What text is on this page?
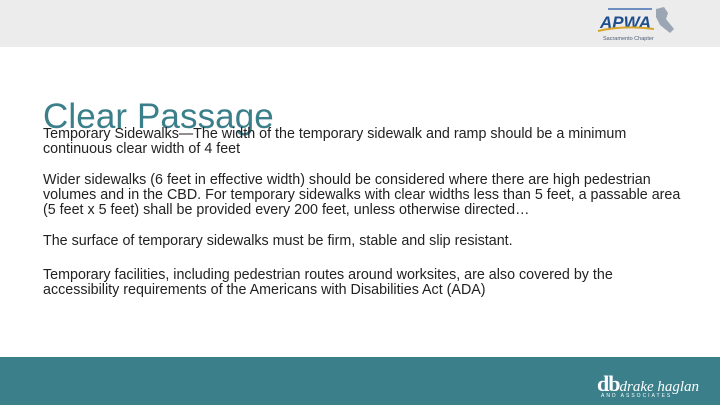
APWA
Sacramento Chapter
Clear Passage

Temporary Sidewalks—The width of the temporary sidewalk and ramp should be a minimum continuous clear width of 4 feet

Wider sidewalks (6 feet in effective width) should be considered where there are high pedestrian volumes and in the CBD. For temporary sidewalks with clear widths less than 5 feet, a passable area (5 feet x 5 feet) shall be provided every 200 feet, unless otherwise directed…

The surface of temporary sidewalks must be firm, stable and slip resistant.

Temporary facilities, including pedestrian routes around worksites, are also covered by the accessibility requirements of the Americans with Disabilities Act (ADA)

dbdrake haglan
AND ASSOCIATES
